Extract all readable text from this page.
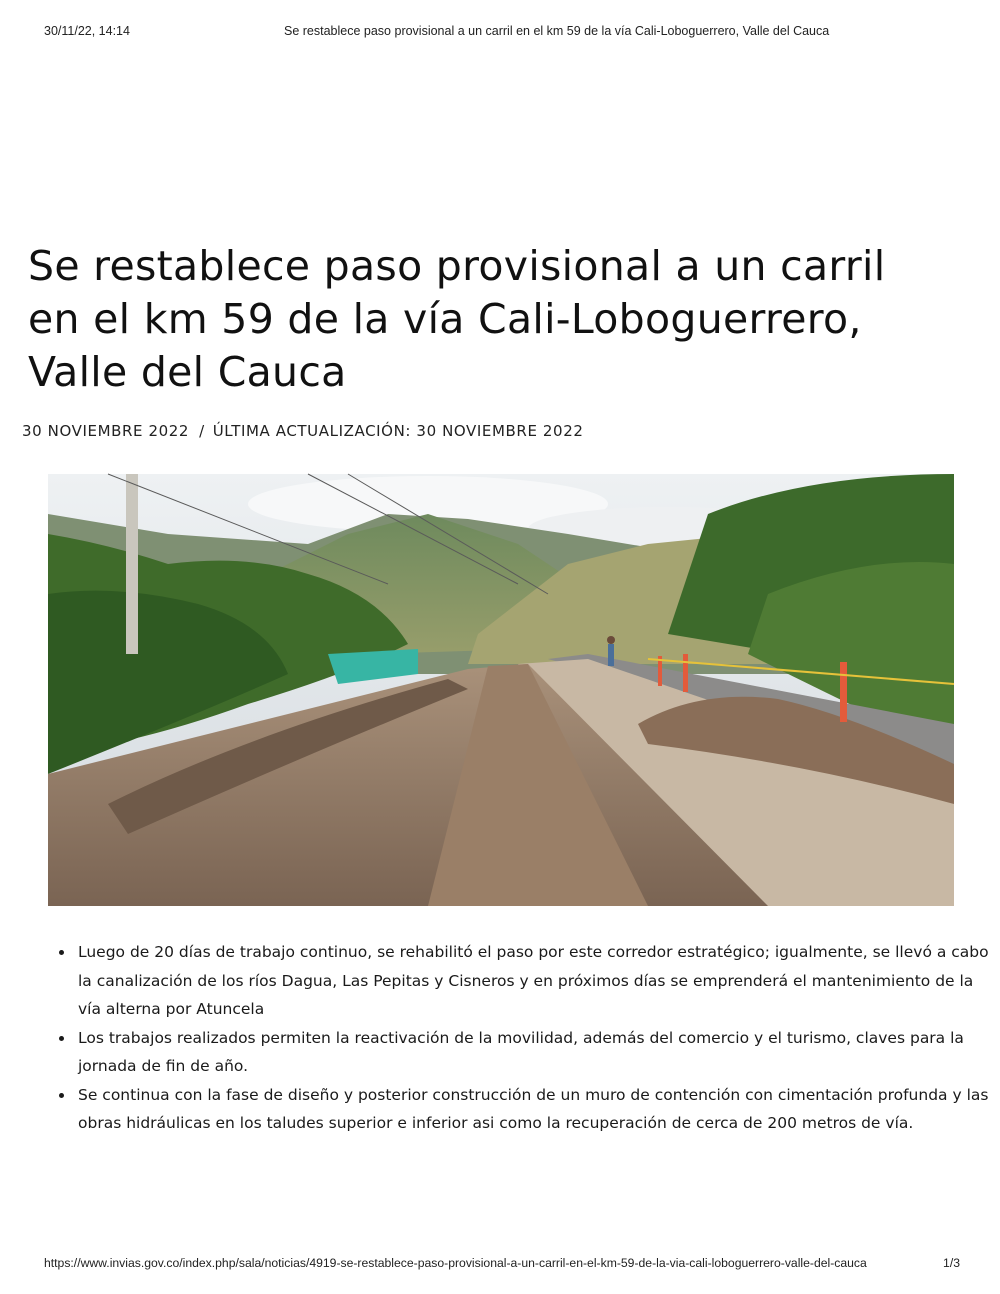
30/11/22, 14:14	Se restablece paso provisional a un carril en el km 59 de la vía Cali-Loboguerrero, Valle del Cauca
Se restablece paso provisional a un carril
en el km 59 de la vía Cali-Loboguerrero,
Valle del Cauca
30 NOVIEMBRE 2022 / ÚLTIMA ACTUALIZACIÓN: 30 NOVIEMBRE 2022
Luego de 20 días de trabajo continuo, se rehabilitó el paso por este corredor estratégico; igualmente, se llevó a cabo la canalización de los ríos Dagua, Las Pepitas y Cisneros y en próximos días se emprenderá el mantenimiento de la vía alterna por Atuncela
Los trabajos realizados permiten la reactivación de la movilidad, además del comercio y el turismo, claves para la jornada de fin de año.
Se continua con la fase de diseño y posterior construcción de un muro de contención con cimentación profunda y las obras hidráulicas en los taludes superior e inferior asi como la recuperación de cerca de 200 metros de vía.
https://www.invias.gov.co/index.php/sala/noticias/4919-se-restablece-paso-provisional-a-un-carril-en-el-km-59-de-la-via-cali-loboguerrero-valle-del-cauca	1/3
